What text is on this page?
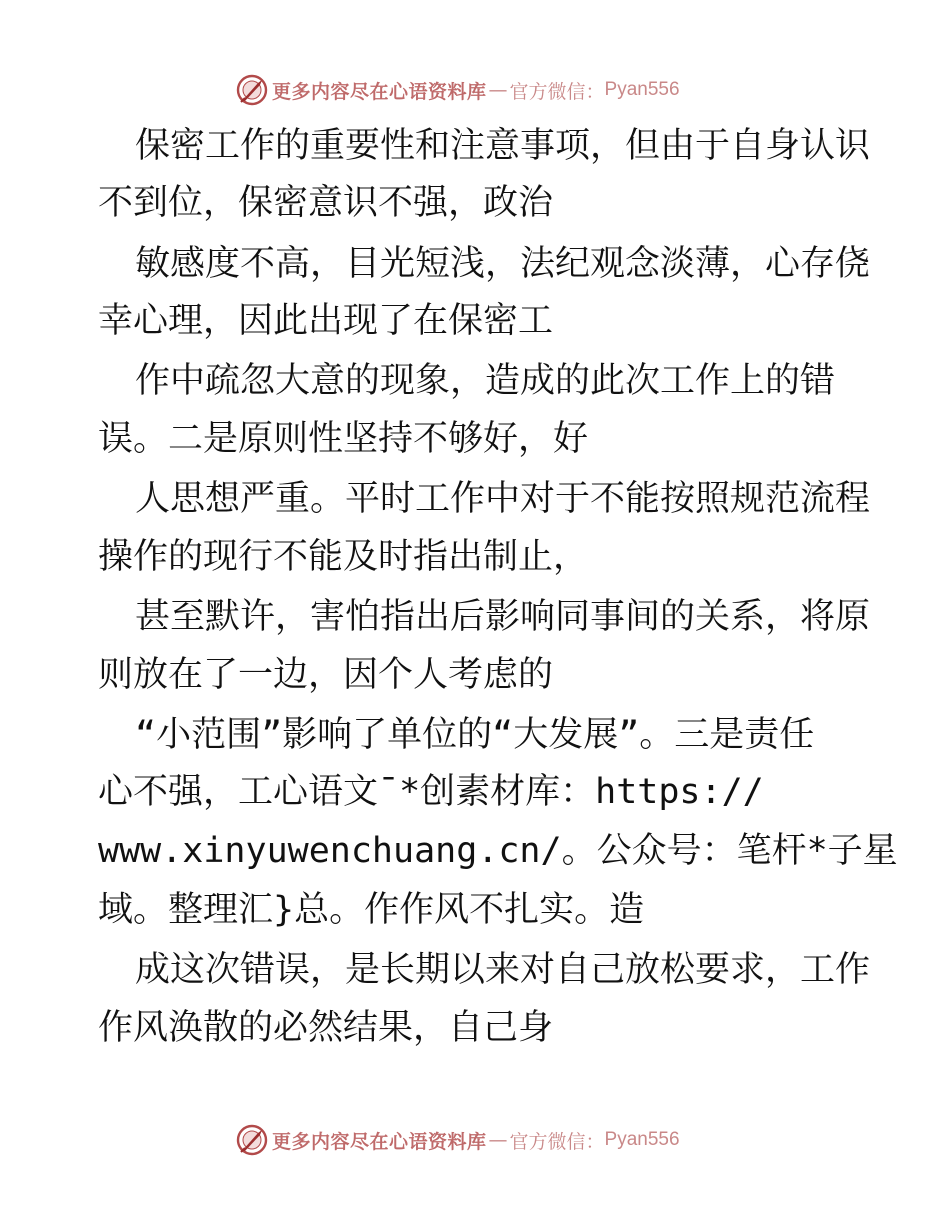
更多内容尽在心语资料库 — 官方微信： Pyan556
保密工作的重要性和注意事项，但由于自身认识
不到位，保密意识不强，政治
敏感度不高，目光短浅，法纪观念淡薄，心存侥
幸心理，因此出现了在保密工
作中疏忽大意的现象，造成的此次工作上的错
误。二是原则性坚持不够好，好
人思想严重。平时工作中对于不能按照规范流程
操作的现行不能及时指出制止，
甚至默许，害怕指出后影响同事间的关系，将原
则放在了一边，因个人考虑的
“小范围”影响了单位的“大发展”。三是责任
心不强，工心语文¯*创素材库：https://
www.xinyuwenchuang.cn/。公众号：笔杆*子星
域。整理汇}总。作作风不扎实。造
成这次错误，是长期以来对自己放松要求，工作
作风涣散的必然结果，自己身
更多内容尽在心语资料库 — 官方微信： Pyan556
